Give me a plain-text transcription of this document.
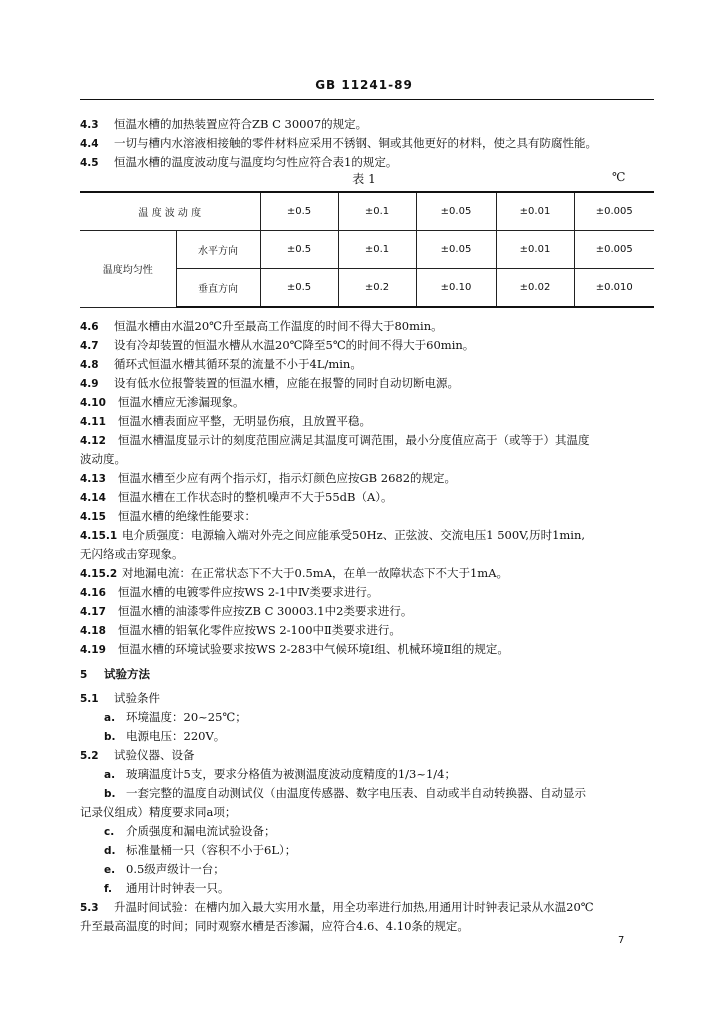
GB 11241-89
4.3 恒温水槽的加热装置应符合ZB C 30007的规定。
4.4 一切与槽内水溶液相接触的零件材料应采用不锈钢、铜或其他更好的材料，使之具有防腐性能。
4.5 恒温水槽的温度波动度与温度均匀性应符合表1的规定。
表 1	℃
温 度 波 动 度		±0.5	±0.1	±0.05	±0.01	±0.005
温度均匀性	水平方向	±0.5	±0.1	±0.05	±0.01	±0.005
	垂直方向	±0.5	±0.2	±0.10	±0.02	±0.010
4.6 恒温水槽由水温20℃升至最高工作温度的时间不得大于80min。
4.7 设有冷却装置的恒温水槽从水温20℃降至5℃的时间不得大于60min。
4.8 循环式恒温水槽其循环泵的流量不小于4L/min。
4.9 设有低水位报警装置的恒温水槽，应能在报警的同时自动切断电源。
4.10 恒温水槽应无渗漏现象。
4.11 恒温水槽表面应平整，无明显伤痕，且放置平稳。
4.12 恒温水槽温度显示计的刻度范围应满足其温度可调范围，最小分度值应高于（或等于）其温度
波动度。
4.13 恒温水槽至少应有两个指示灯，指示灯颜色应按GB 2682的规定。
4.14 恒温水槽在工作状态时的整机噪声不大于55dB（A）。
4.15 恒温水槽的绝缘性能要求：
4.15.1 电介质强度：电源输入端对外壳之间应能承受50Hz、正弦波、交流电压1 500V,历时1min,
无闪络或击穿现象。
4.15.2 对地漏电流：在正常状态下不大于0.5mA，在单一故障状态下不大于1mA。
4.16 恒温水槽的电镀零件应按WS 2-1中Ⅳ类要求进行。
4.17 恒温水槽的油漆零件应按ZB C 30003.1中2类要求进行。
4.18 恒温水槽的铝氧化零件应按WS 2-100中Ⅱ类要求进行。
4.19 恒温水槽的环境试验要求按WS 2-283中气候环境Ⅰ组、机械环境Ⅱ组的规定。
5 试验方法
5.1 试验条件
a. 环境温度：20~25℃；
b. 电源电压：220V。
5.2 试验仪器、设备
a. 玻璃温度计5支，要求分格值为被测温度波动度精度的1/3~1/4；
b. 一套完整的温度自动测试仪（由温度传感器、数字电压表、自动或半自动转换器、自动显示
记录仪组成）精度要求同a项；
c. 介质强度和漏电流试验设备；
d. 标准量桶一只（容积不小于6L）；
e. 0.5级声级计一台；
f. 通用计时钟表一只。
5.3 升温时间试验：在槽内加入最大实用水量，用全功率进行加热,用通用计时钟表记录从水温20℃
升至最高温度的时间；同时观察水槽是否渗漏，应符合4.6、4.10条的规定。
7
